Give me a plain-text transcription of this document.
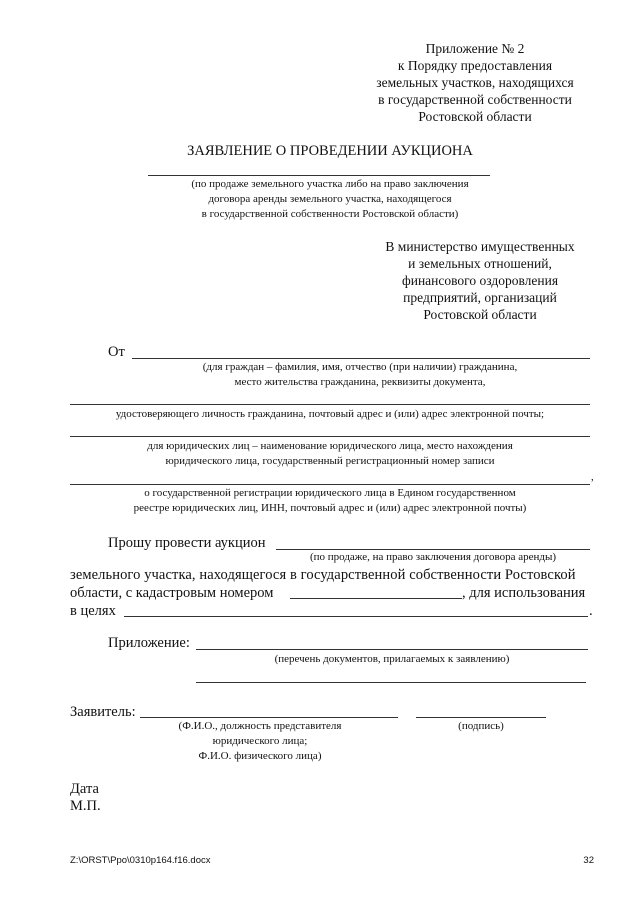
Приложение № 2
к Порядку предоставления
земельных участков, находящихся
в государственной собственности
Ростовской области
ЗАЯВЛЕНИЕ О ПРОВЕДЕНИИ АУКЦИОНА
(по продаже земельного участка либо на право заключения
договора аренды земельного участка, находящегося
в государственной собственности Ростовской области)
В министерство имущественных
и земельных отношений,
финансового оздоровления
предприятий, организаций
Ростовской области
От
(для граждан – фамилия, имя, отчество (при наличии) гражданина,
место жительства гражданина, реквизиты документа,
удостоверяющего личность гражданина, почтовый адрес и (или) адрес электронной почты;
для юридических лиц – наименование юридического лица, место нахождения
юридического лица, государственный регистрационный номер записи
,
о государственной регистрации юридического лица в Едином государственном
реестре юридических лиц, ИНН, почтовый адрес и (или) адрес электронной почты)
Прошу провести аукцион
(по продаже, на право заключения договора аренды)
земельного участка, находящегося в государственной собственности Ростовской
области, с кадастровым номером	, для использования
в целях	.
Приложение:
(перечень документов, прилагаемых к заявлению)
Заявитель:
(Ф.И.О., должность представителя
юридического лица;
Ф.И.О. физического лица)
(подпись)
Дата
М.П.
Z:\ORST\Ppo\0310p164.f16.docx	32
